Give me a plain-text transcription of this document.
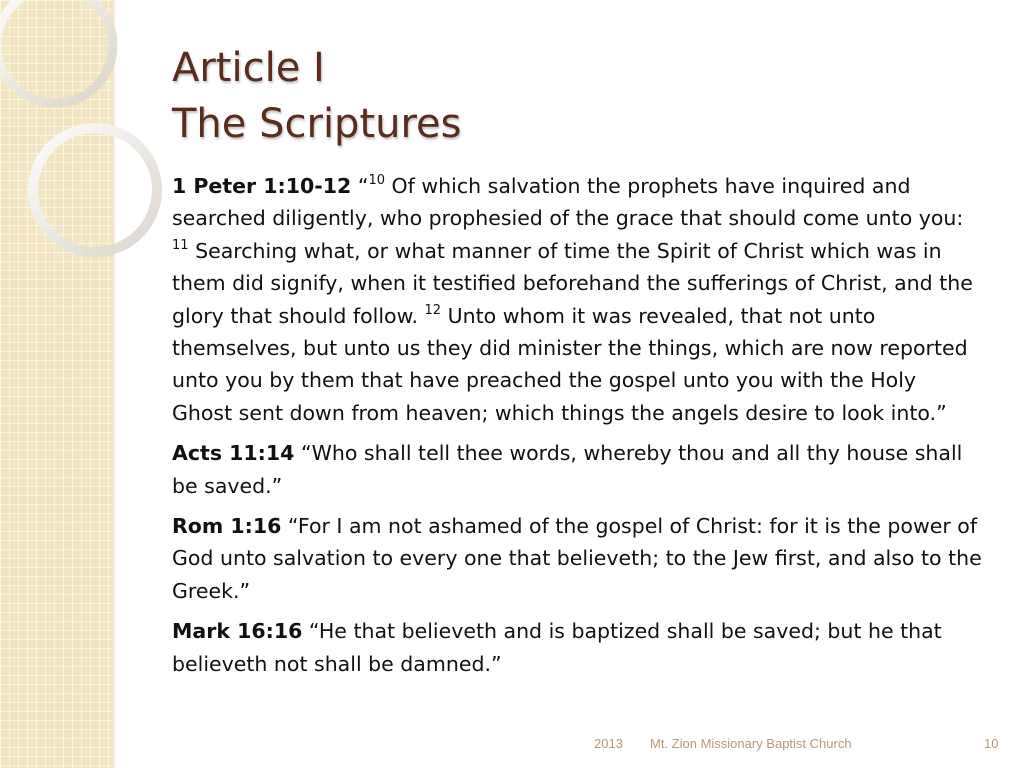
Article I
The Scriptures

1 Peter 1:10-12 “$^{10}$ Of which salvation the prophets have inquired and searched diligently, who prophesied of the grace that should come unto you: $^{11}$ Searching what, or what manner of time the Spirit of Christ which was in them did signify, when it testified beforehand the sufferings of Christ, and the glory that should follow. $^{12}$ Unto whom it was revealed, that not unto themselves, but unto us they did minister the things, which are now reported unto you by them that have preached the gospel unto you with the Holy Ghost sent down from heaven; which things the angels desire to look into.”

Acts 11:14 “Who shall tell thee words, whereby thou and all thy house shall be saved.”

Rom 1:16 “For I am not ashamed of the gospel of Christ: for it is the power of God unto salvation to every one that believeth; to the Jew first, and also to the Greek.”

Mark 16:16 “He that believeth and is baptized shall be saved; but he that believeth not shall be damned.”

2013 Mt. Zion Missionary Baptist Church	10
